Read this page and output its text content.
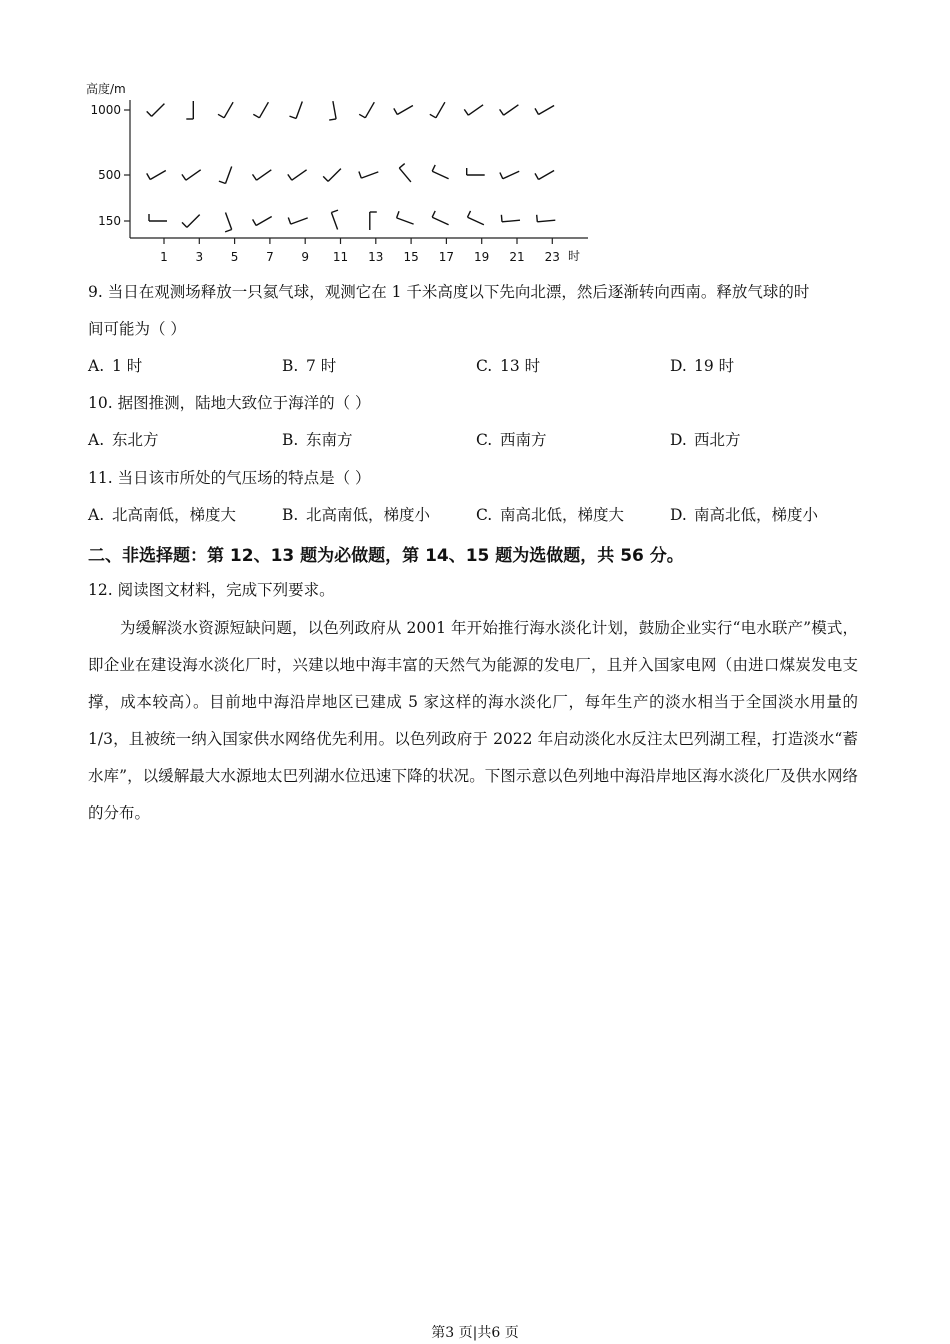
高度/m
1000
500
150
1 3 5 7 9 11 13 15 17 19 21 23 时
9. 当日在观测场释放一只氦气球，观测它在 1 千米高度以下先向北漂，然后逐渐转向西南。释放气球的时
间可能为（ ）
A. 1 时	B. 7 时	C. 13 时	D. 19 时
10. 据图推测，陆地大致位于海洋的（ ）
A. 东北方	B. 东南方	C. 西南方	D. 西北方
11. 当日该市所处的气压场的特点是（ ）
A. 北高南低，梯度大	B. 北高南低，梯度小	C. 南高北低，梯度大	D. 南高北低，梯度小
二、非选择题：第 12、13 题为必做题，第 14、15 题为选做题，共 56 分。
12. 阅读图文材料，完成下列要求。
为缓解淡水资源短缺问题，以色列政府从 2001 年开始推行海水淡化计划，鼓励企业实行“电水联产”模式，即企业在建设海水淡化厂时，兴建以地中海丰富的天然气为能源的发电厂，且并入国家电网（由进口煤炭发电支撑，成本较高）。目前地中海沿岸地区已建成 5 家这样的海水淡化厂，每年生产的淡水相当于全国淡水用量的 1/3，且被统一纳入国家供水网络优先利用。以色列政府于 2022 年启动淡化水反注太巴列湖工程，打造淡水“蓄水库”，以缓解最大水源地太巴列湖水位迅速下降的状况。下图示意以色列地中海沿岸地区海水淡化厂及供水网络的分布。
第3 页|共6 页
